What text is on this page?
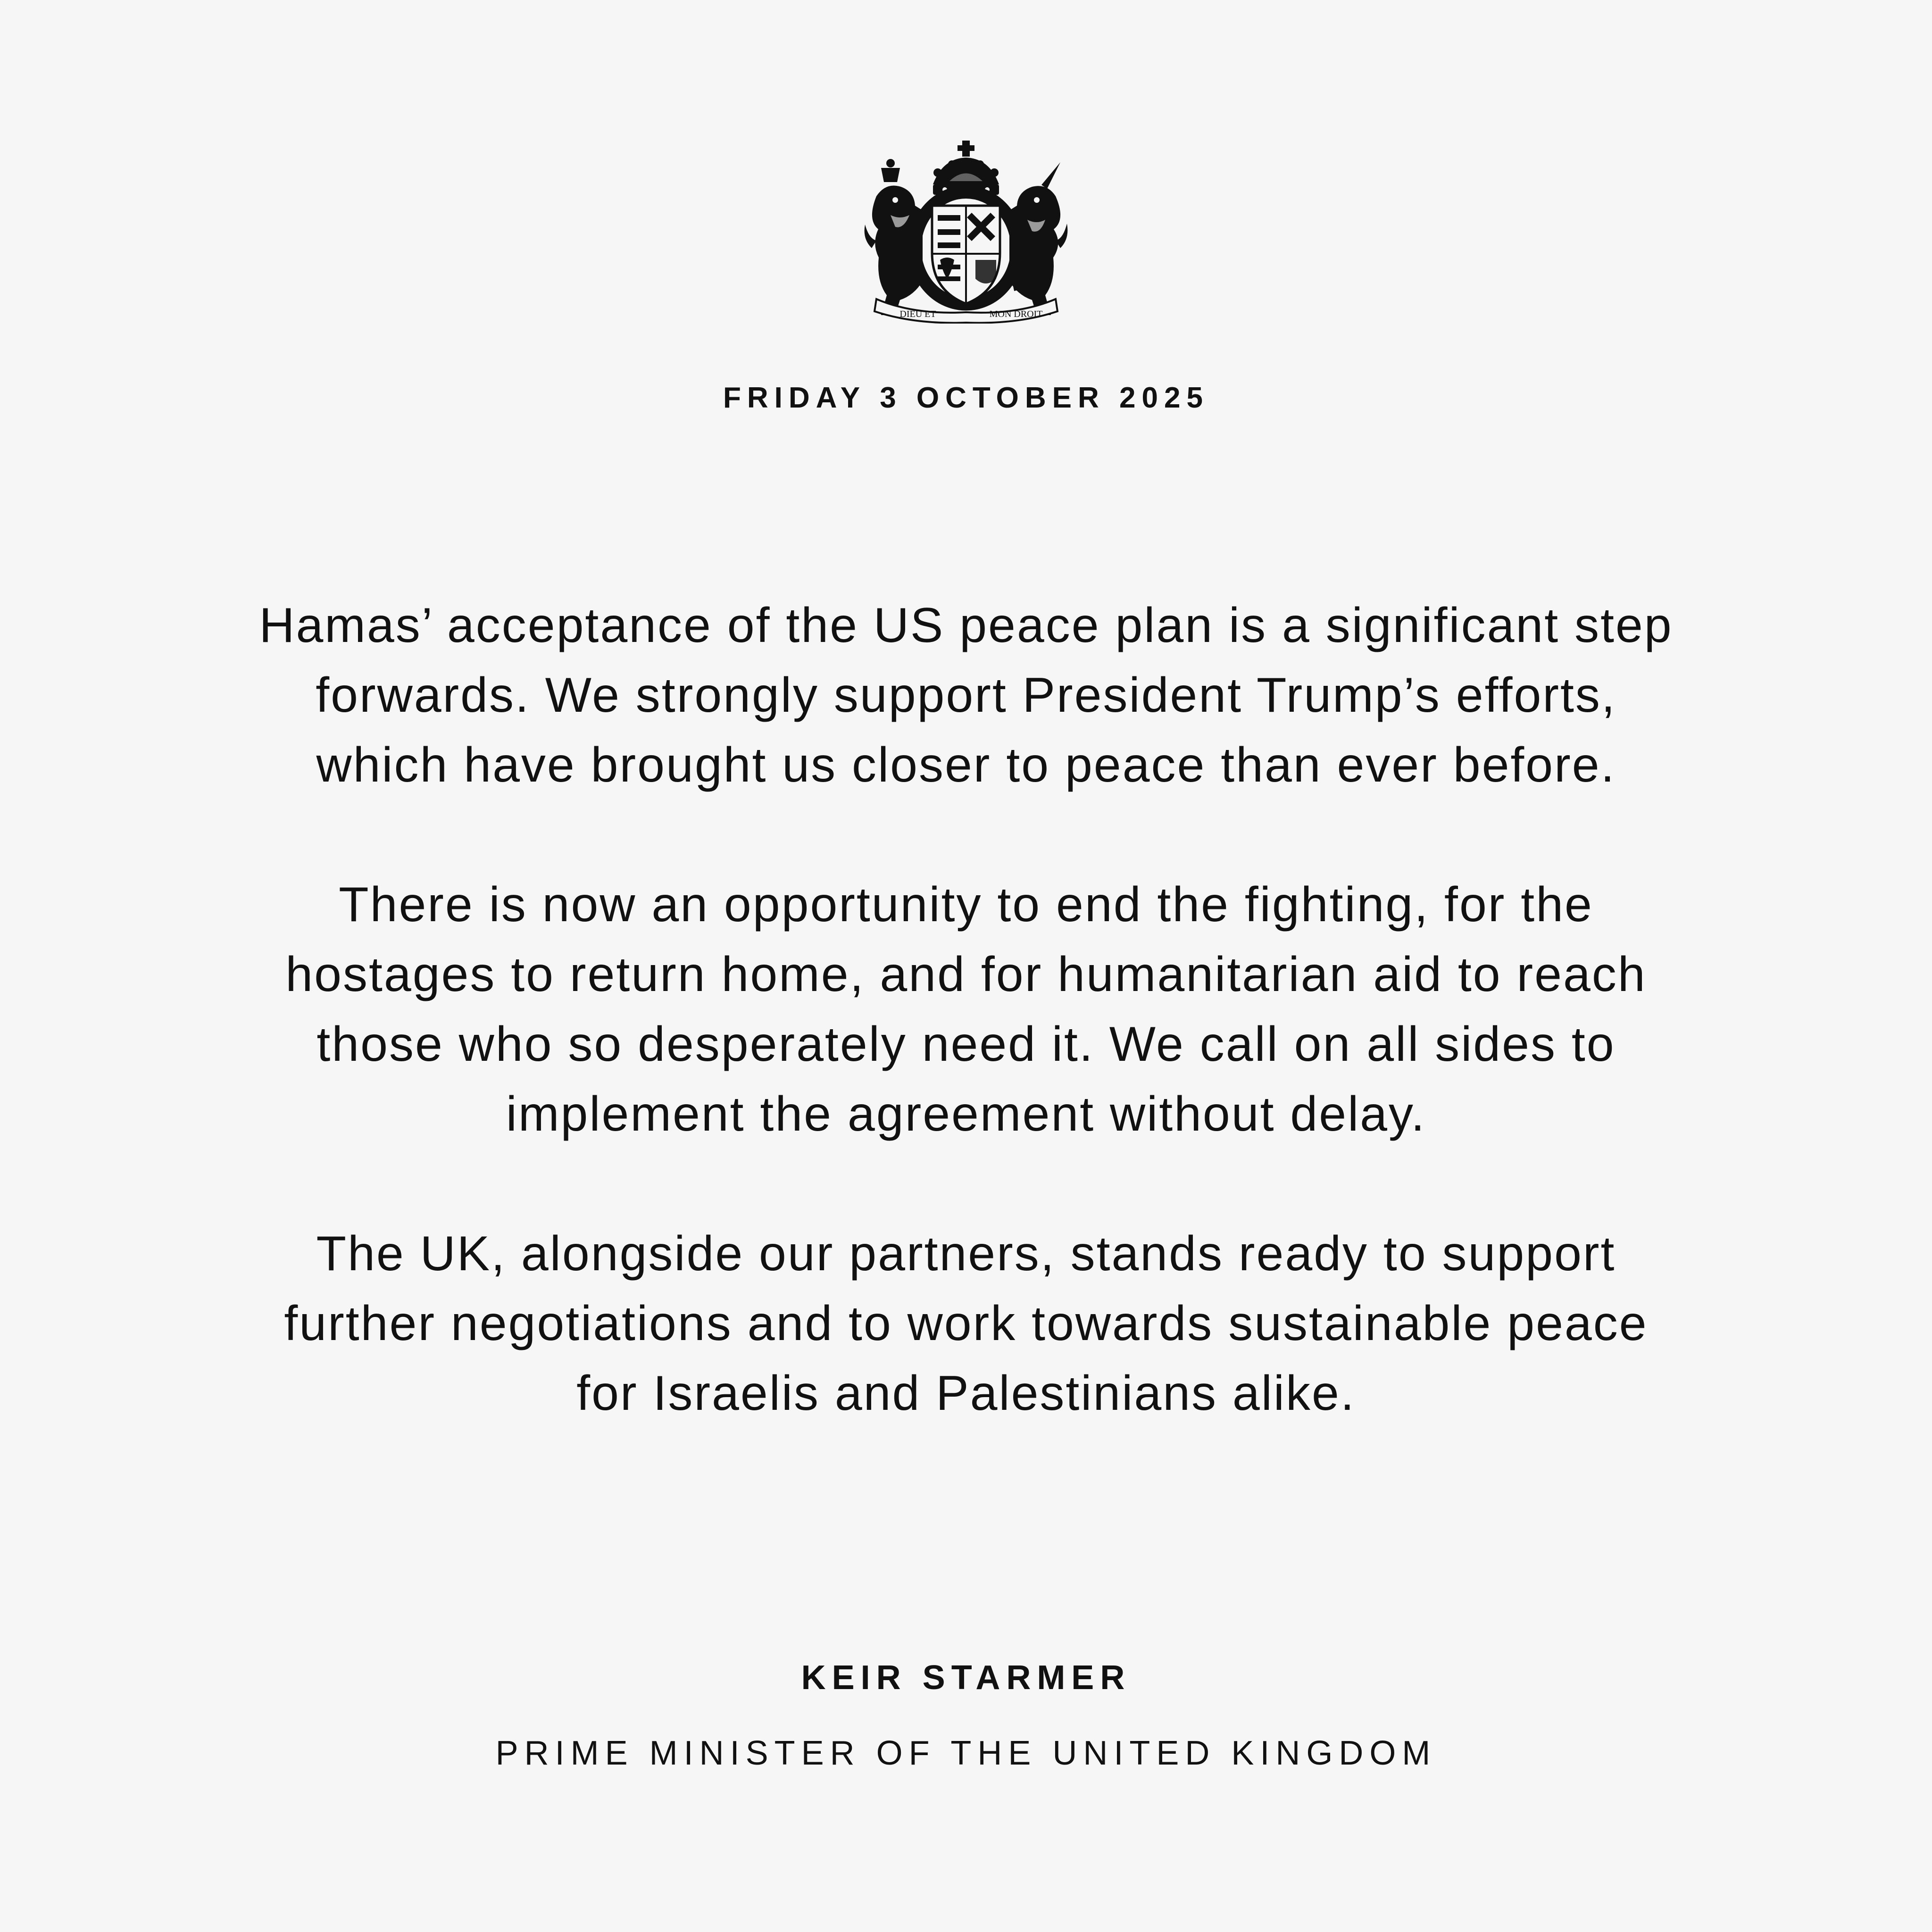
DIEU ET	MON DROIT
FRIDAY 3 OCTOBER 2025

Hamas’ acceptance of the US peace plan is a significant step
forwards. We strongly support President Trump’s efforts,
which have brought us closer to peace than ever before.

There is now an opportunity to end the fighting, for the
hostages to return home, and for humanitarian aid to reach
those who so desperately need it. We call on all sides to
implement the agreement without delay.

The UK, alongside our partners, stands ready to support
further negotiations and to work towards sustainable peace
for Israelis and Palestinians alike.

KEIR STARMER
PRIME MINISTER OF THE UNITED KINGDOM
